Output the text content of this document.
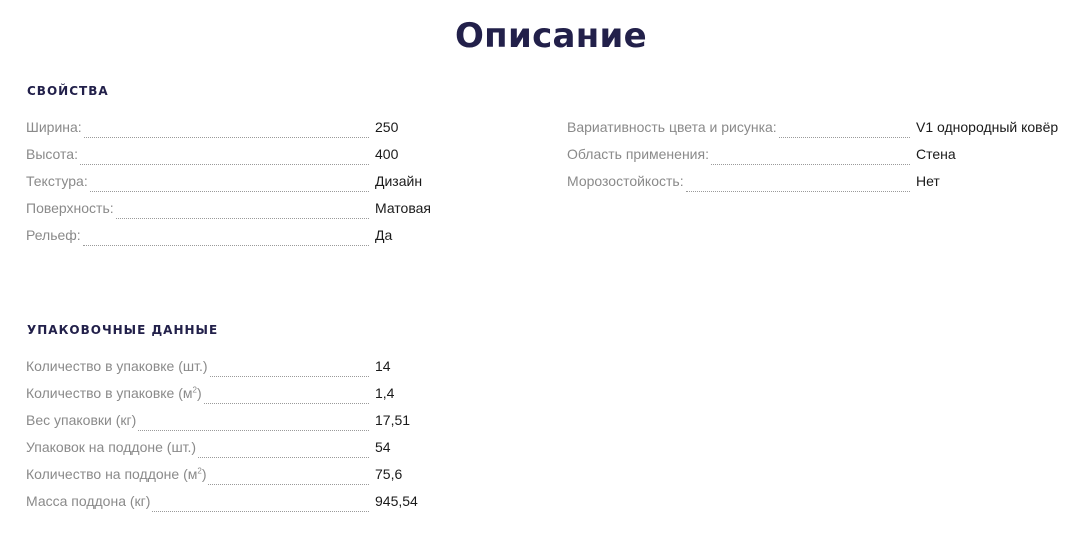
Описание
СВОЙСТВА
Ширина:	250
Высота:	400
Текстура:	Дизайн
Поверхность:	Матовая
Рельеф:	Да
Вариативность цвета и рисунка:	V1 однородный ковёр
Область применения:	Стена
Морозостойкость:	Нет
УПАКОВОЧНЫЕ ДАННЫЕ
Количество в упаковке (шт.)	14
Количество в упаковке $(м^2)$	1,4
Вес упаковки (кг)	17,51
Упаковок на поддоне (шт.)	54
Количество на поддоне $(м^2)$	75,6
Масса поддона (кг)	945,54
